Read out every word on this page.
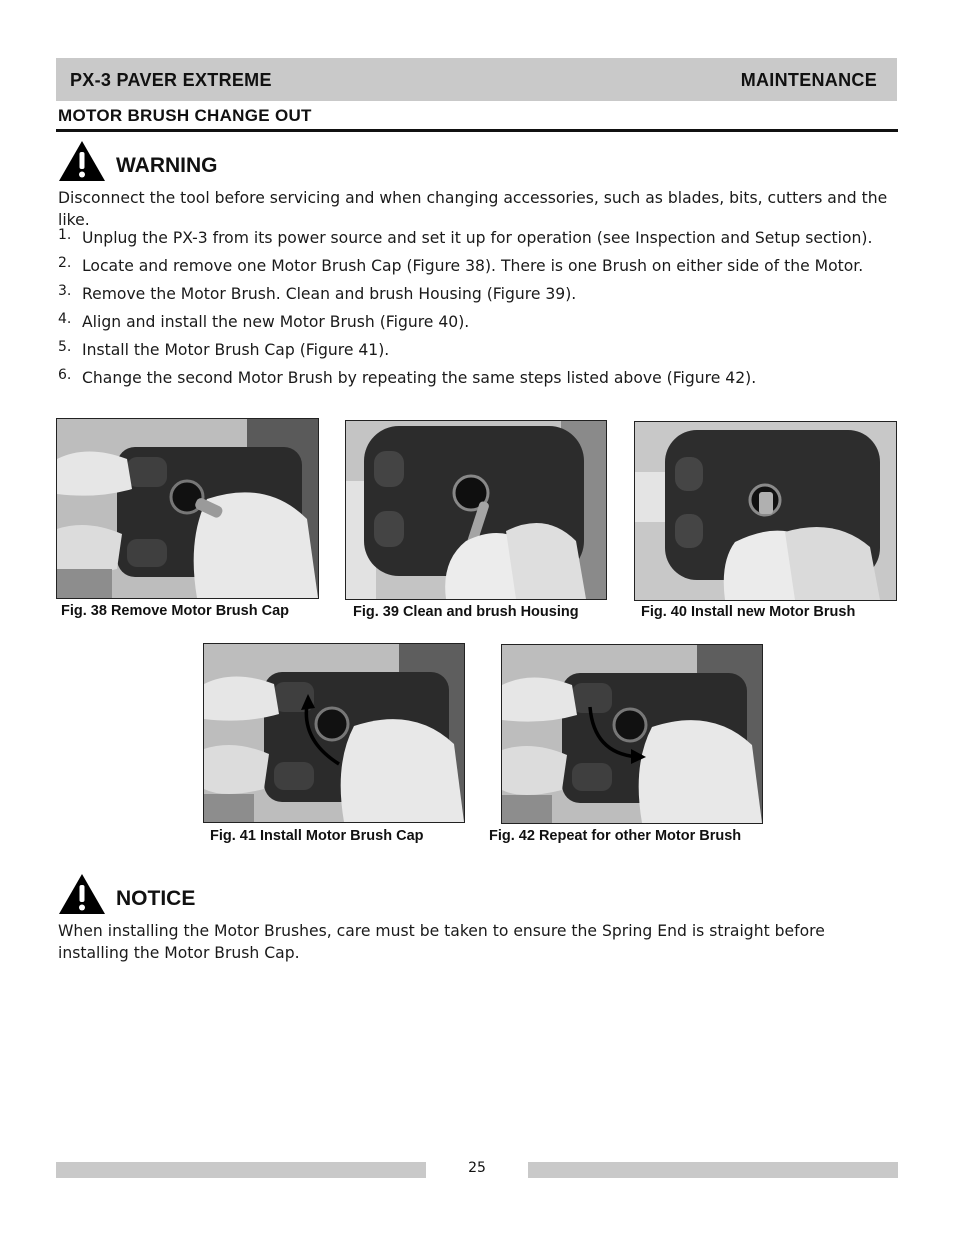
PX-3 PAVER EXTREME	MAINTENANCE
MOTOR BRUSH CHANGE OUT
WARNING
Disconnect the tool before servicing and when changing accessories, such as blades, bits, cutters and the like.
1. Unplug the PX-3 from its power source and set it up for operation (see Inspection and Setup section).
2. Locate and remove one Motor Brush Cap (Figure 38). There is one Brush on either side of the Motor.
3. Remove the Motor Brush. Clean and brush Housing (Figure 39).
4. Align and install the new Motor Brush (Figure 40).
5. Install the Motor Brush Cap (Figure 41).
6. Change the second Motor Brush by repeating the same steps listed above (Figure 42).
Fig. 38 Remove Motor Brush Cap	Fig. 39 Clean and brush Housing	Fig. 40 Install new Motor Brush
Fig. 41 Install Motor Brush Cap	Fig. 42 Repeat for other Motor Brush
NOTICE
When installing the Motor Brushes, care must be taken to ensure the Spring End is straight before installing the Motor Brush Cap.
25
